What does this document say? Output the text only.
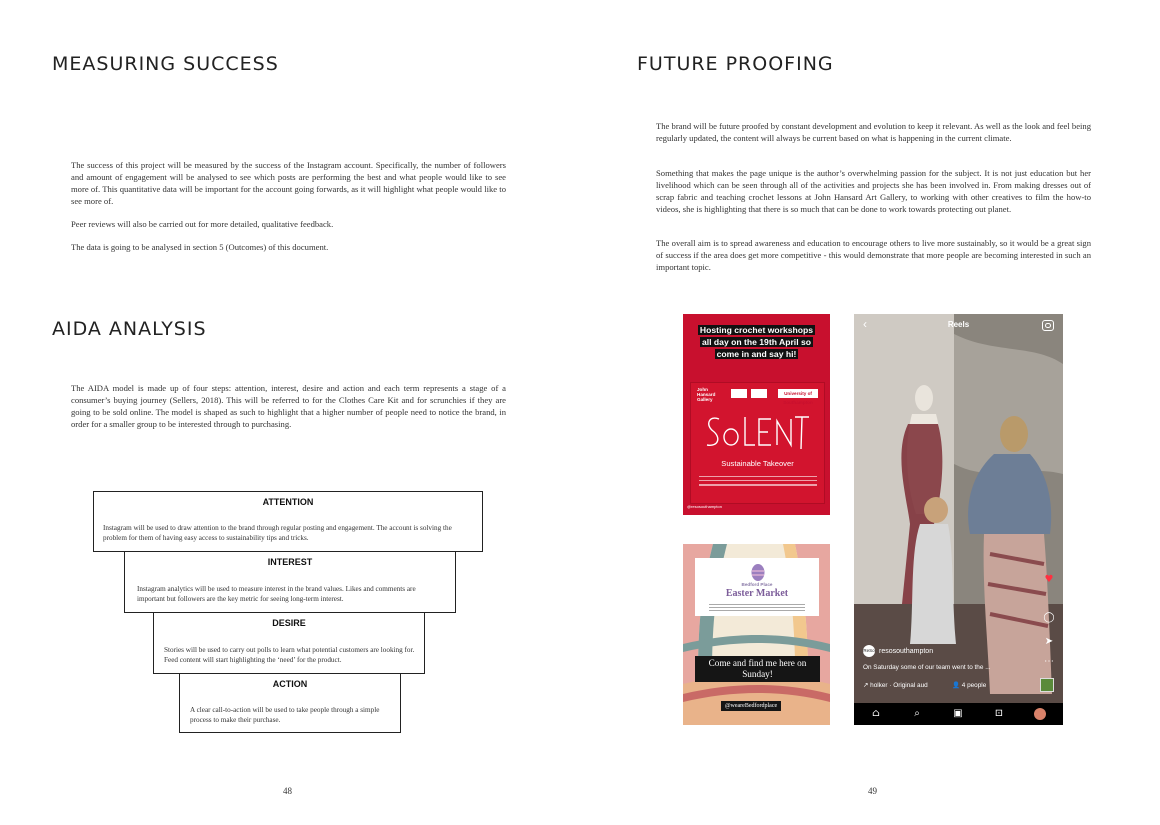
MEASURING SUCCESS

The success of this project will be measured by the success of the Instagram account. Specifically, the number of followers and amount of engagement will be analysed to see which posts are performing the best and what people would like to see more of. This quantitative data will be important for the account going forwards, as it will highlight what people would like to see more of.

Peer reviews will also be carried out for more detailed, qualitative feedback.

The data is going to be analysed in section 5 (Outcomes) of this document.

AIDA ANALYSIS

The AIDA model is made up of four steps: attention, interest, desire and action and each term represents a stage of a consumer’s buying journey (Sellers, 2018). This will be referred to for the Clothes Care Kit and for scrunchies if they are going to be sold online. The model is shaped as such to highlight that a higher number of people need to notice the brand, in order for a smaller group to be interested through to purchasing.

ATTENTION
Instagram will be used to draw attention to the brand through regular posting and engagement. The account is solving the problem for them of having easy access to sustainability tips and tricks.
INTEREST
Instagram analytics will be used to measure interest in the brand values. Likes and comments are important but followers are the key metric for seeing long-term interest.
DESIRE
Stories will be used to carry out polls to learn what potential customers are looking for. Feed content will start highlighting the ‘need’ for the product.
ACTION
A clear call-to-action will be used to take people through a simple process to make their purchase.
48
FUTURE PROOFING

The brand will be future proofed by constant development and evolution to keep it relevant. As well as the look and feel being regularly updated, the content will always be current based on what is happening in the current climate.

Something that makes the page unique is the author’s overwhelming passion for the subject. It is not just education but her livelihood which can be seen through all of the activities and projects she has been involved in. From making dresses out of scrap fabric and teaching crochet lessons at John Hansard Art Gallery, to working with other creatives to film the how-to videos, she is highlighting that there is so much that can be done to work towards protecting out planet.

The overall aim is to spread awareness and education to encourage others to live more sustainably, so it would be a great sign of success if the area does get more competitive - this would demonstrate that more people are becoming interested in such an important topic.

Hosting crochet workshops
all day on the 19th April so
come in and say hi!
John Hansard Gallery
University of Southampton
Sustainable Takeover
@resosouthampton
Bedford Place
Easter Market
Come and find me here on
Sunday!
@weareBedfordplace
‹	Reels
♥
◯
➤
⋯
ReSo resosouthampton
On Saturday some of our team went to the ...
↗ holker · Original aud	👤 4 people
⌂	⌕	▣	⊡
49
